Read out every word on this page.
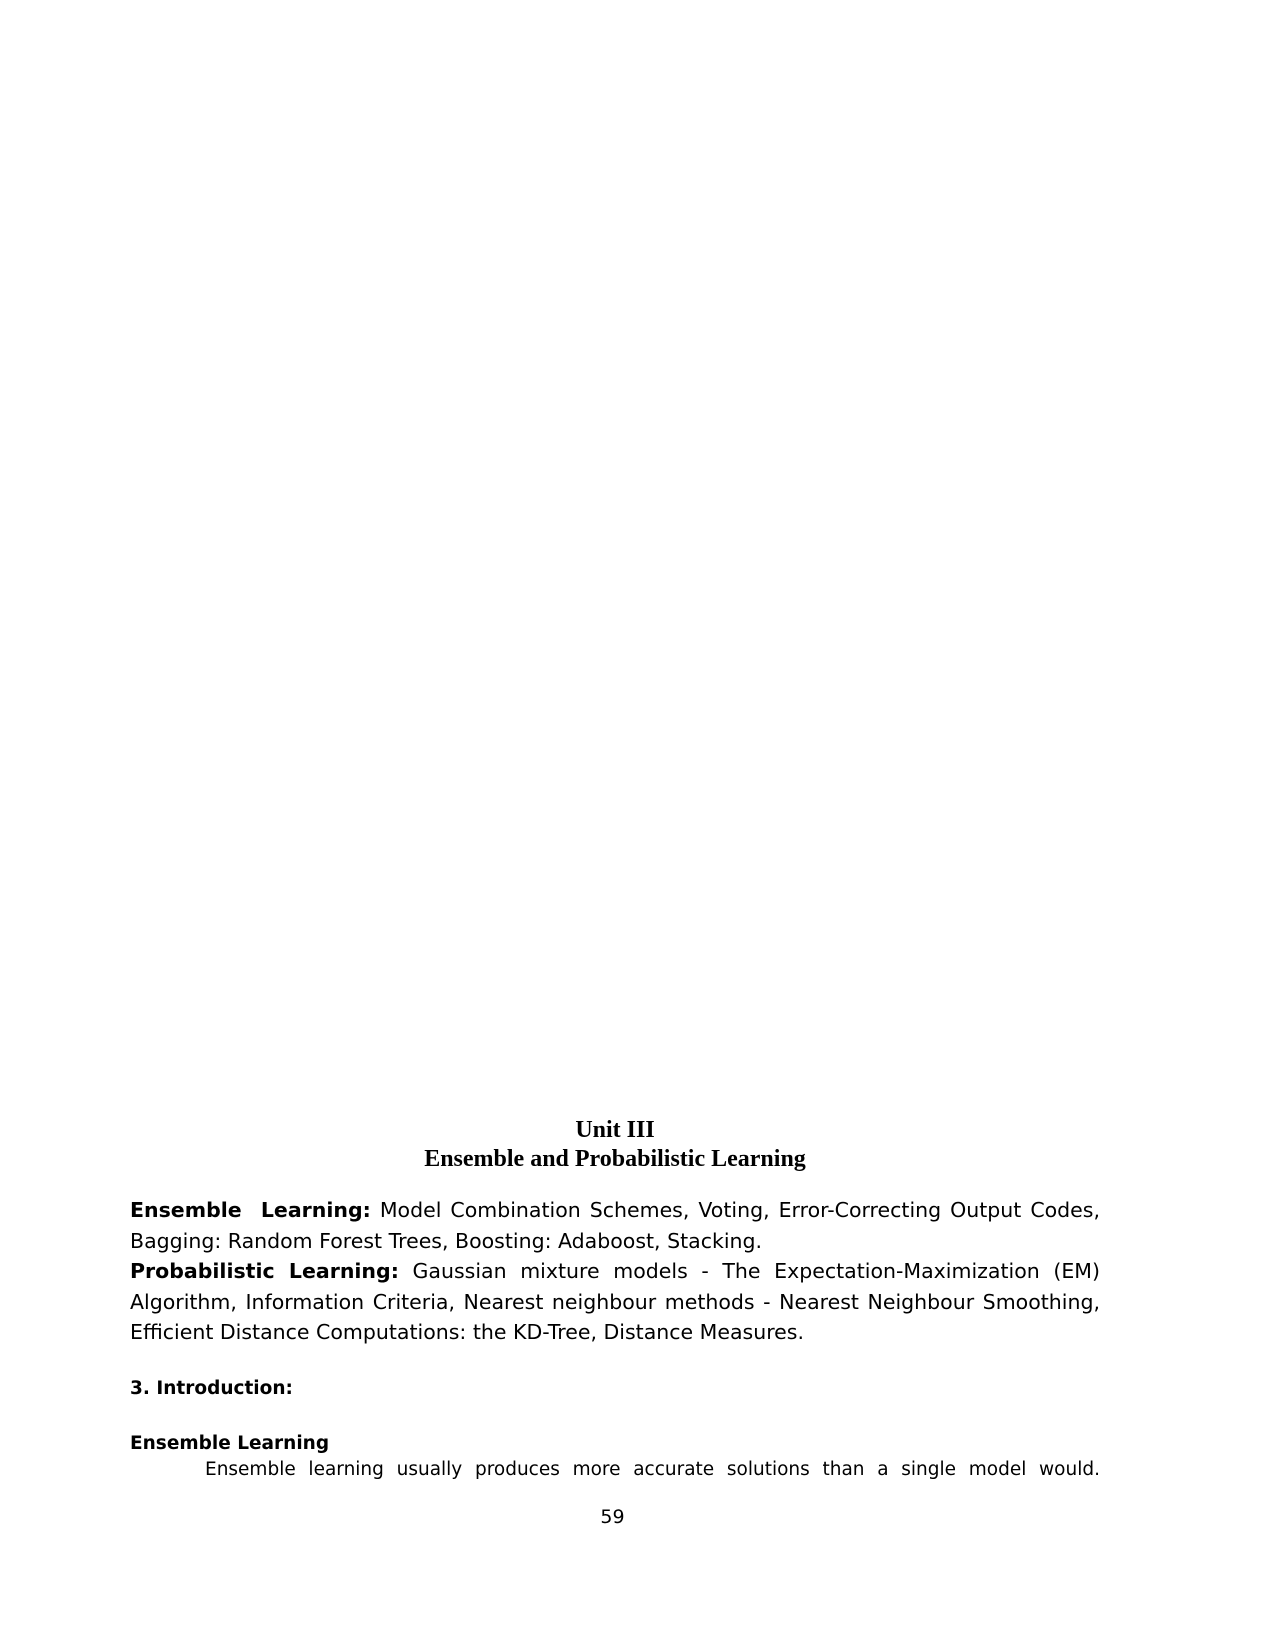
Unit III
Ensemble and Probabilistic Learning

Ensemble  Learning: Model Combination Schemes, Voting, Error-Correcting Output Codes, Bagging: Random Forest Trees, Boosting: Adaboost, Stacking.

Probabilistic Learning: Gaussian mixture models - The Expectation-Maximization (EM) Algorithm, Information Criteria, Nearest neighbour methods - Nearest Neighbour Smoothing, Efficient Distance Computations: the KD-Tree, Distance Measures.

3. Introduction:
Ensemble Learning
Ensemble learning usually produces more accurate solutions than a single model would.
59
